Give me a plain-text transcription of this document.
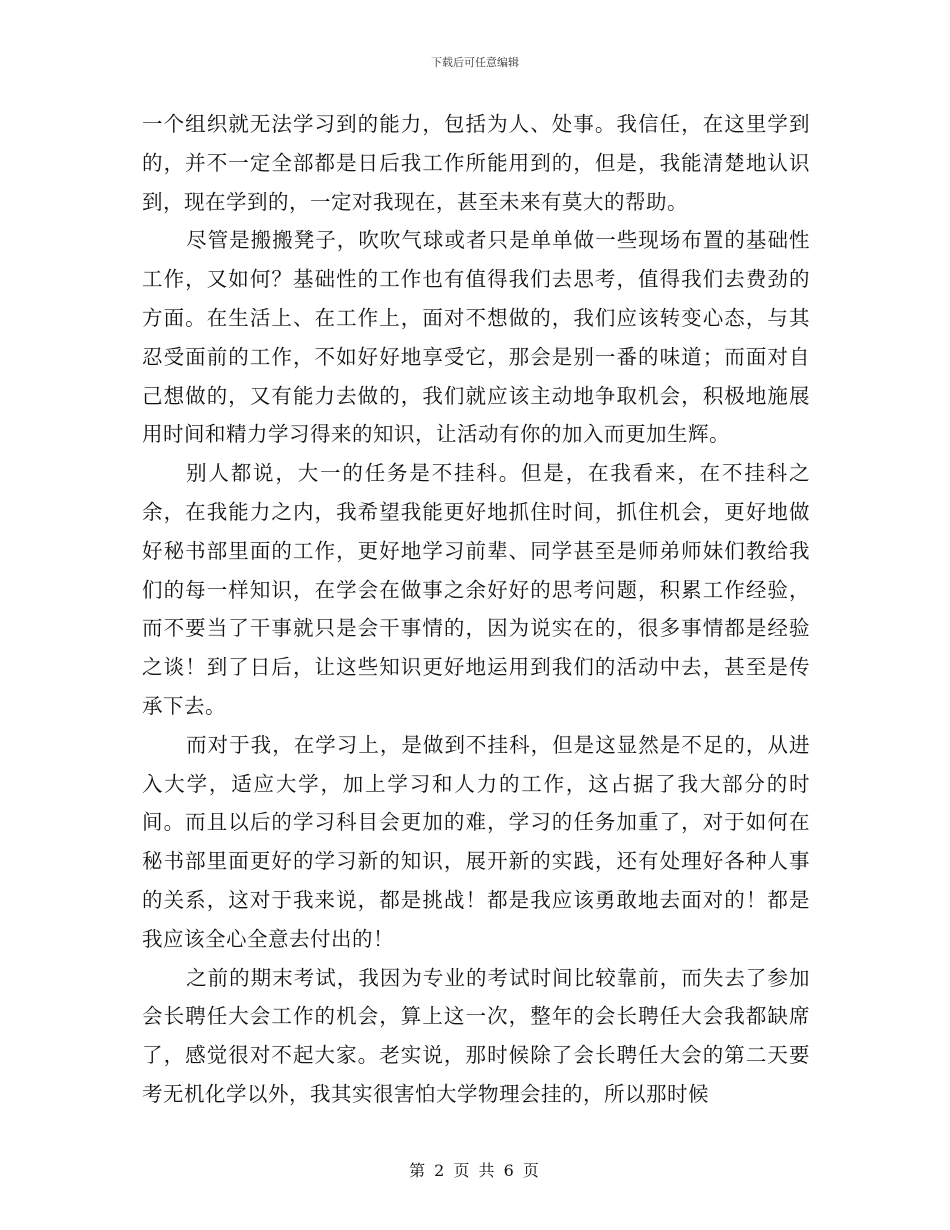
下载后可任意编辑

一个组织就无法学习到的能力，包括为人、处事。我信任，在这里学到的，并不一定全部都是日后我工作所能用到的，但是，我能清楚地认识到，现在学到的，一定对我现在，甚至未来有莫大的帮助。

尽管是搬搬凳子，吹吹气球或者只是单单做一些现场布置的基础性工作，又如何？基础性的工作也有值得我们去思考，值得我们去费劲的方面。在生活上、在工作上，面对不想做的，我们应该转变心态，与其忍受面前的工作，不如好好地享受它，那会是别一番的味道；而面对自己想做的，又有能力去做的，我们就应该主动地争取机会，积极地施展用时间和精力学习得来的知识，让活动有你的加入而更加生辉。

别人都说，大一的任务是不挂科。但是，在我看来，在不挂科之余，在我能力之内，我希望我能更好地抓住时间，抓住机会，更好地做好秘书部里面的工作，更好地学习前辈、同学甚至是师弟师妹们教给我们的每一样知识，在学会在做事之余好好的思考问题，积累工作经验，而不要当了干事就只是会干事情的，因为说实在的，很多事情都是经验之谈！到了日后，让这些知识更好地运用到我们的活动中去，甚至是传承下去。

而对于我，在学习上，是做到不挂科，但是这显然是不足的，从进入大学，适应大学，加上学习和人力的工作，这占据了我大部分的时间。而且以后的学习科目会更加的难，学习的任务加重了，对于如何在秘书部里面更好的学习新的知识，展开新的实践，还有处理好各种人事的关系，这对于我来说，都是挑战！都是我应该勇敢地去面对的！都是我应该全心全意去付出的！

之前的期末考试，我因为专业的考试时间比较靠前，而失去了参加会长聘任大会工作的机会，算上这一次，整年的会长聘任大会我都缺席了，感觉很对不起大家。老实说，那时候除了会长聘任大会的第二天要考无机化学以外，我其实很害怕大学物理会挂的，所以那时候

第 2 页 共 6 页
